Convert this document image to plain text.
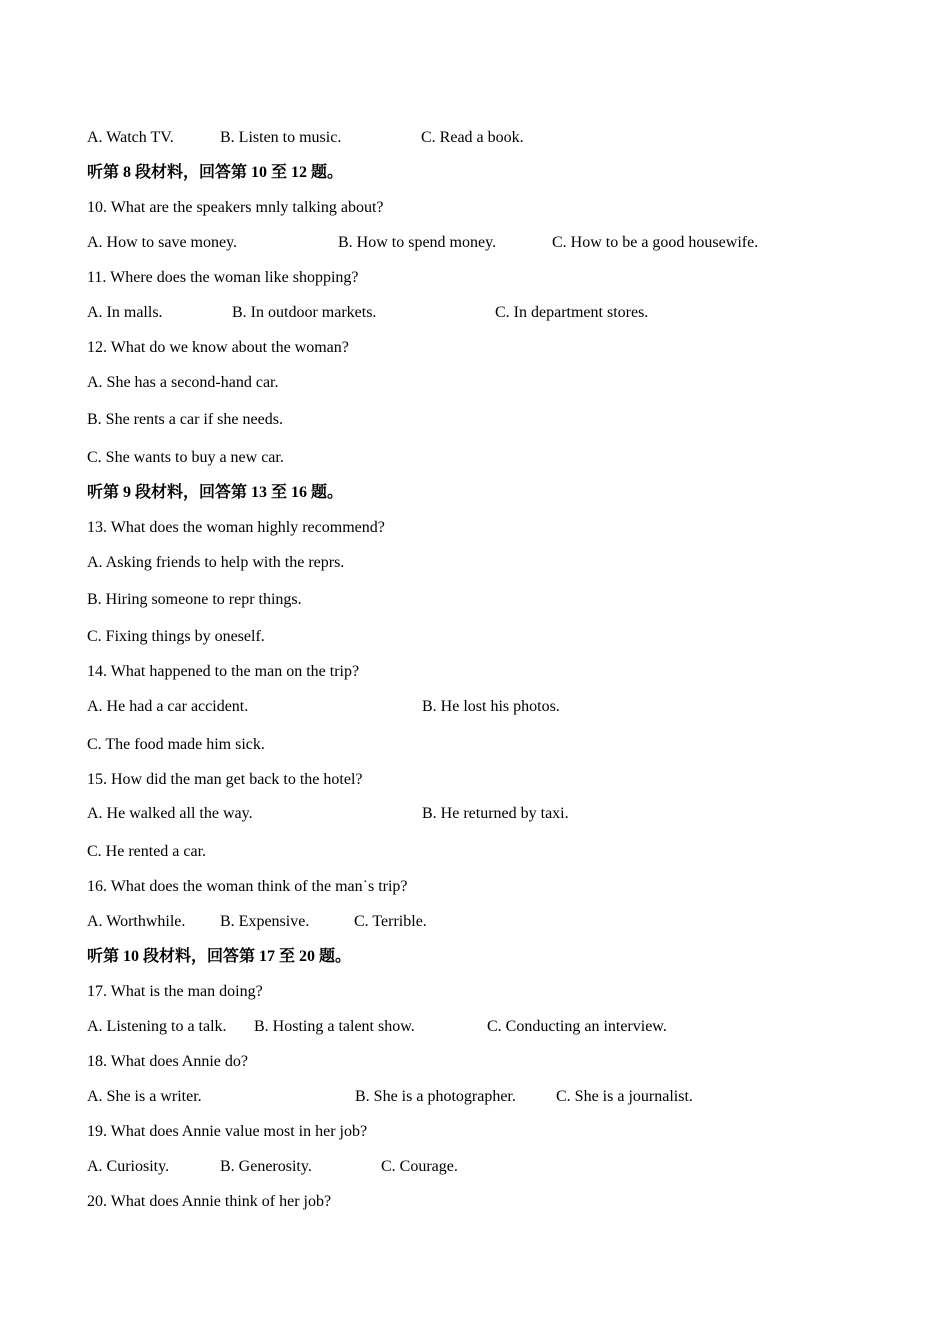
A. Watch TV.	B. Listen to music.	C. Read a book.
听第 8 段材料，回答第 10 至 12 题。
10. What are the speakers mnly talking about?
A. How to save money.	B. How to spend money.	C. How to be a good housewife.
11. Where does the woman like shopping?
A. In malls.	B. In outdoor markets.	C. In department stores.
12. What do we know about the woman?
A. She has a second-hand car.
B. She rents a car if she needs.
C. She wants to buy a new car.
听第 9 段材料，回答第 13 至 16 题。
13. What does the woman highly recommend?
A. Asking friends to help with the reprs.
B. Hiring someone to repr things.
C. Fixing things by oneself.
14. What happened to the man on the trip?
A. He had a car accident.	B. He lost his photos.
C. The food made him sick.
15. How did the man get back to the hotel?
A. He walked all the way.	B. He returned by taxi.
C. He rented a car.
16. What does the woman think of the man˙s trip?
A. Worthwhile. B. Expensive.	C. Terrible.
听第 10 段材料，回答第 17 至 20 题。
17. What is the man doing?
A. Listening to a talk. B. Hosting a talent show.	C. Conducting an interview.
18. What does Annie do?
A. She is a writer.	B. She is a photographer.	C. She is a journalist.
19. What does Annie value most in her job?
A. Curiosity.	B. Generosity.	C. Courage.
20. What does Annie think of her job?
